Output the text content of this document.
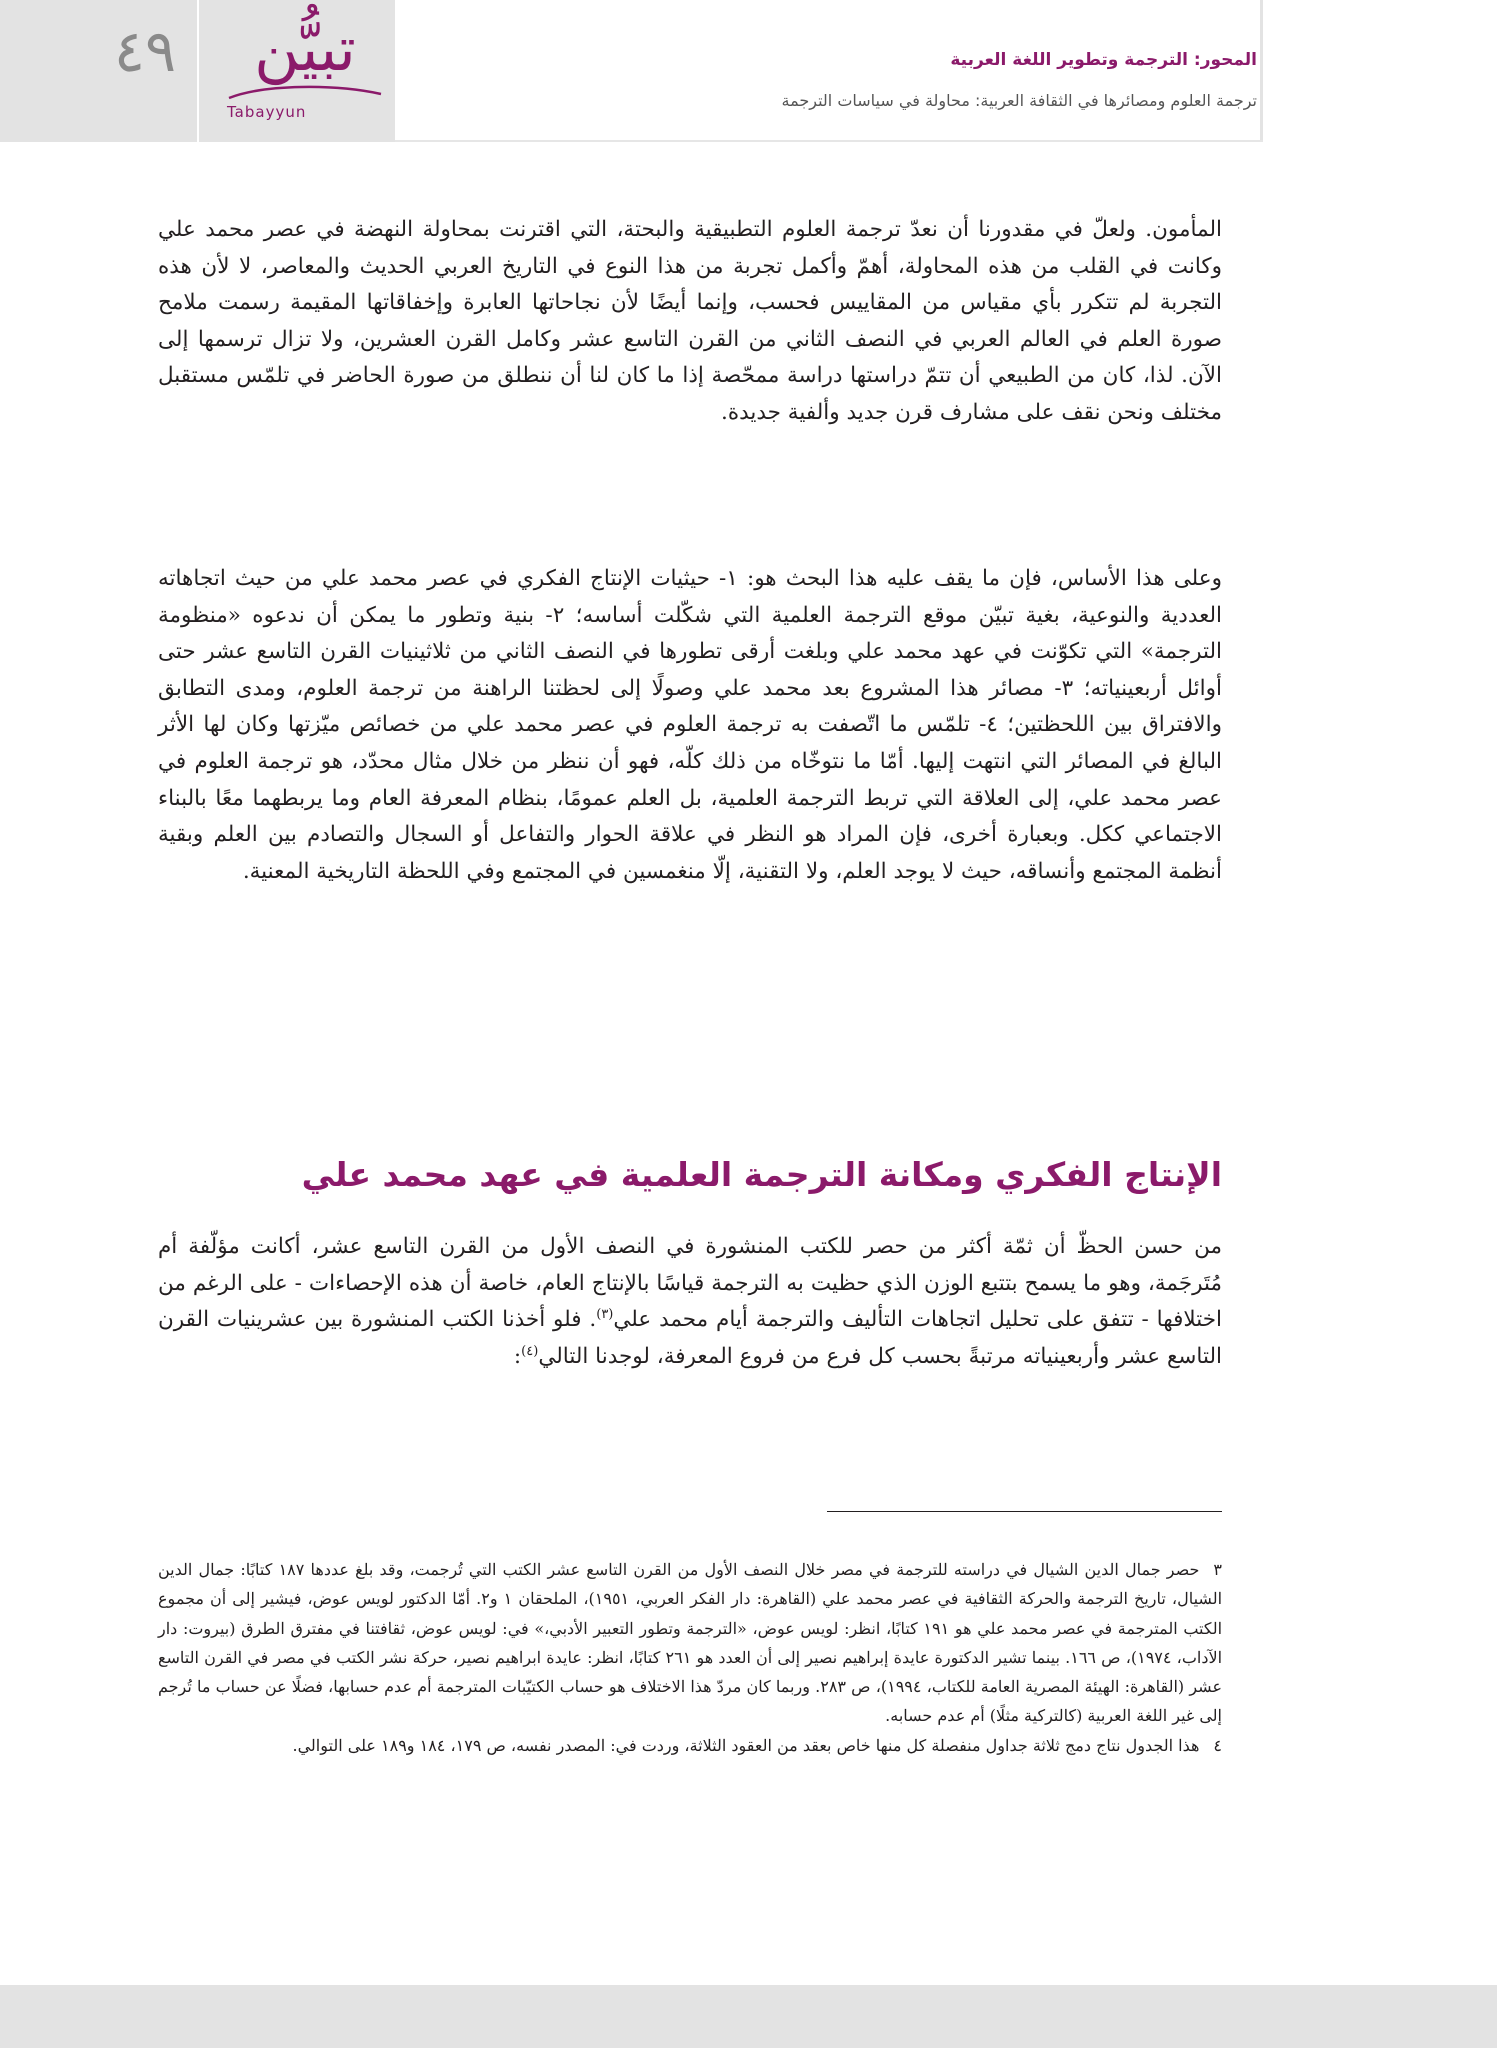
٤٩	تبيُّن
Tabayyun
المحور: الترجمة وتطوير اللغة العربية
ترجمة العلوم ومصائرها في الثقافة العربية: محاولة في سياسات الترجمة

المأمون. ولعلّ في مقدورنا أن نعدّ ترجمة العلوم التطبيقية والبحتة، التي اقترنت بمحاولة النهضة في عصر محمد علي وكانت في القلب من هذه المحاولة، أهمّ وأكمل تجربة من هذا النوع في التاريخ العربي الحديث والمعاصر، لا لأن هذه التجربة لم تتكرر بأي مقياس من المقاييس فحسب، وإنما أيضًا لأن نجاحاتها العابرة وإخفاقاتها المقيمة رسمت ملامح صورة العلم في العالم العربي في النصف الثاني من القرن التاسع عشر وكامل القرن العشرين، ولا تزال ترسمها إلى الآن. لذا، كان من الطبيعي أن تتمّ دراستها دراسة ممحّصة إذا ما كان لنا أن ننطلق من صورة الحاضر في تلمّس مستقبل مختلف ونحن نقف على مشارف قرن جديد وألفية جديدة.

وعلى هذا الأساس، فإن ما يقف عليه هذا البحث هو: ١- حيثيات الإنتاج الفكري في عصر محمد علي من حيث اتجاهاته العددية والنوعية، بغية تبيّن موقع الترجمة العلمية التي شكّلت أساسه؛ ٢- بنية وتطور ما يمكن أن ندعوه «منظومة الترجمة» التي تكوّنت في عهد محمد علي وبلغت أرقى تطورها في النصف الثاني من ثلاثينيات القرن التاسع عشر حتى أوائل أربعينياته؛ ٣- مصائر هذا المشروع بعد محمد علي وصولًا إلى لحظتنا الراهنة من ترجمة العلوم، ومدى التطابق والافتراق بين اللحظتين؛ ٤- تلمّس ما اتّصفت به ترجمة العلوم في عصر محمد علي من خصائص ميّزتها وكان لها الأثر البالغ في المصائر التي انتهت إليها. أمّا ما نتوخّاه من ذلك كلّه، فهو أن ننظر من خلال مثال محدّد، هو ترجمة العلوم في عصر محمد علي، إلى العلاقة التي تربط الترجمة العلمية، بل العلم عمومًا، بنظام المعرفة العام وما يربطهما معًا بالبناء الاجتماعي ككل. وبعبارة أخرى، فإن المراد هو النظر في علاقة الحوار والتفاعل أو السجال والتصادم بين العلم وبقية أنظمة المجتمع وأنساقه، حيث لا يوجد العلم، ولا التقنية، إلّا منغمسين في المجتمع وفي اللحظة التاريخية المعنية.

الإنتاج الفكري ومكانة الترجمة العلمية في عهد محمد علي

من حسن الحظّ أن ثمّة أكثر من حصر للكتب المنشورة في النصف الأول من القرن التاسع عشر، أكانت مؤلّفة أم مُتَرجَمة، وهو ما يسمح بتتبع الوزن الذي حظيت به الترجمة قياسًا بالإنتاج العام، خاصة أن هذه الإحصاءات - على الرغم من اختلافها - تتفق على تحليل اتجاهات التأليف والترجمة أيام محمد علي$^{(٣)}$. فلو أخذنا الكتب المنشورة بين عشرينيات القرن التاسع عشر وأربعينياته مرتبةً بحسب كل فرع من فروع المعرفة، لوجدنا التالي$^{(٤)}$:

٣حصر جمال الدين الشيال في دراسته للترجمة في مصر خلال النصف الأول من القرن التاسع عشر الكتب التي تُرجمت، وقد بلغ عددها ١٨٧ كتابًا: جمال الدين الشيال، تاريخ الترجمة والحركة الثقافية في عصر محمد علي (القاهرة: دار الفكر العربي، ١٩٥١)، الملحقان ١ و٢. أمّا الدكتور لويس عوض، فيشير إلى أن مجموع الكتب المترجمة في عصر محمد علي هو ١٩١ كتابًا، انظر: لويس عوض، «الترجمة وتطور التعبير الأدبي،» في: لويس عوض، ثقافتنا في مفترق الطرق (بيروت: دار الآداب، ١٩٧٤)، ص ١٦٦. بينما تشير الدكتورة عايدة إبراهيم نصير إلى أن العدد هو ٢٦١ كتابًا، انظر: عايدة ابراهيم نصير، حركة نشر الكتب في مصر في القرن التاسع عشر (القاهرة: الهيئة المصرية العامة للكتاب، ١٩٩٤)، ص ٢٨٣. وربما كان مردّ هذا الاختلاف هو حساب الكتيّبات المترجمة أم عدم حسابها، فضلًا عن حساب ما تُرجم إلى غير اللغة العربية (كالتركية مثلًا) أم عدم حسابه.

٤هذا الجدول نتاج دمج ثلاثة جداول منفصلة كل منها خاص بعقد من العقود الثلاثة، وردت في: المصدر نفسه، ص ١٧٩، ١٨٤ و١٨٩ على التوالي.
